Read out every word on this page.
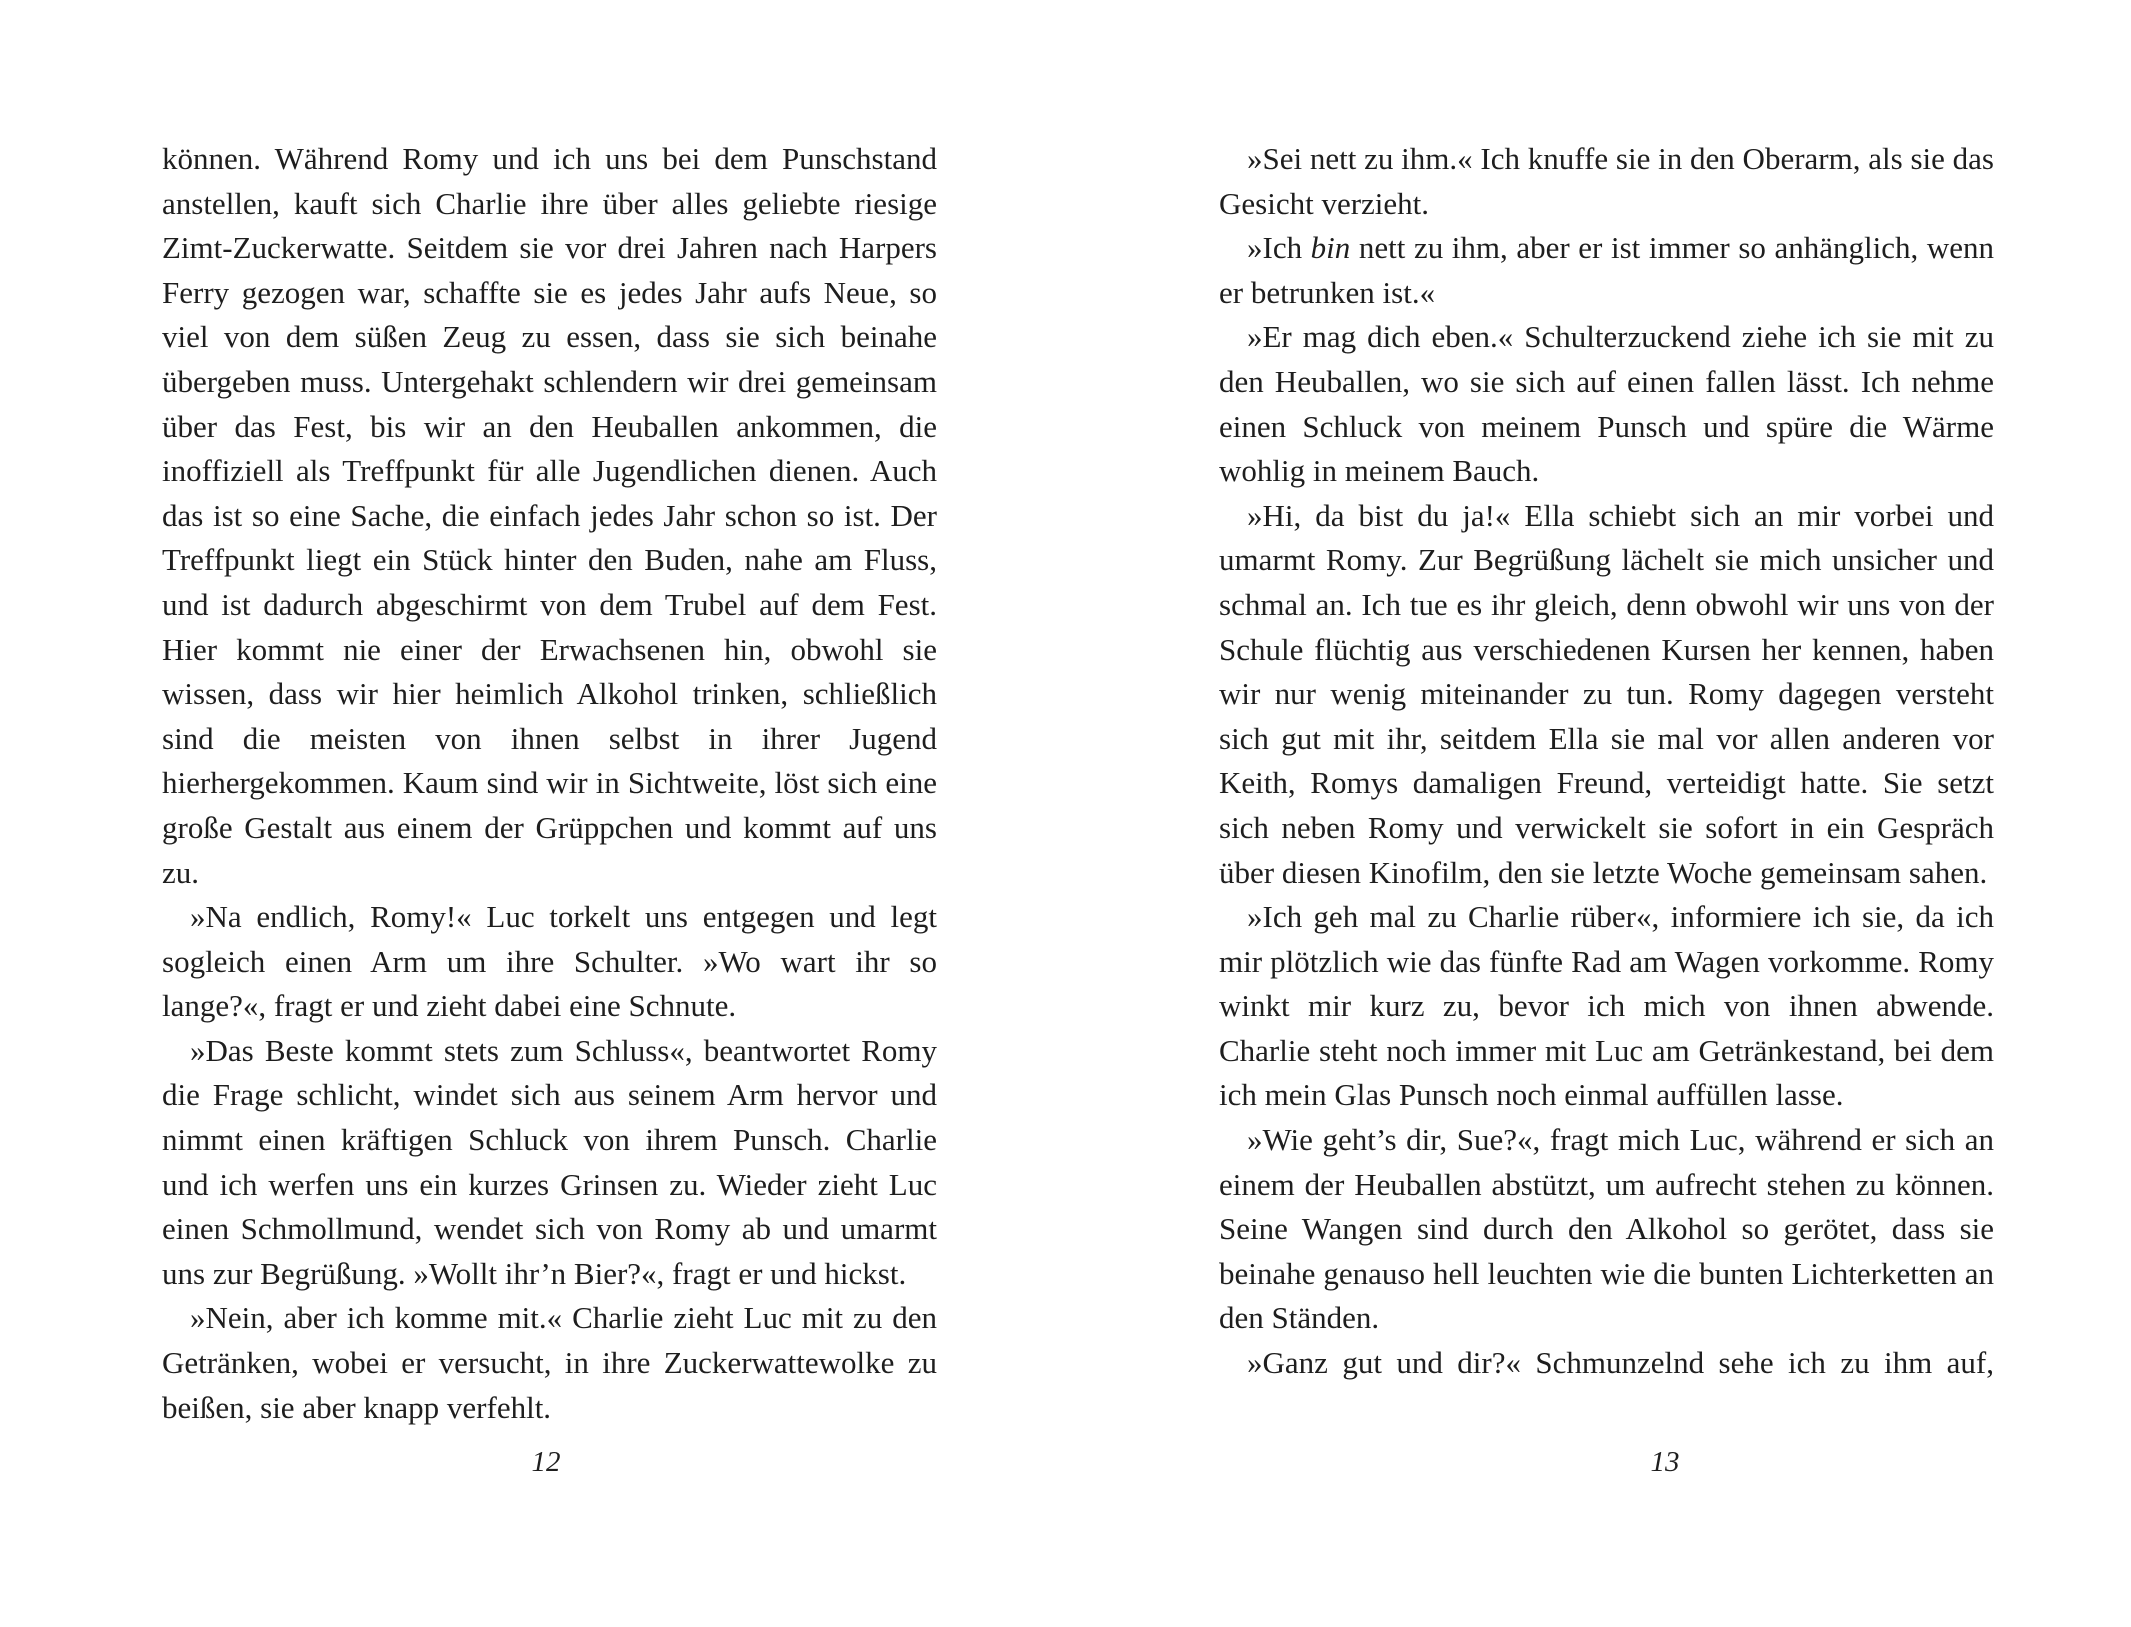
können. Während Romy und ich uns bei dem Punschstand anstellen, kauft sich Charlie ihre über alles geliebte riesige Zimt-Zuckerwatte. Seitdem sie vor drei Jahren nach Harpers Ferry gezogen war, schaffte sie es jedes Jahr aufs Neue, so viel von dem süßen Zeug zu essen, dass sie sich beinahe übergeben muss. Untergehakt schlendern wir drei gemeinsam über das Fest, bis wir an den Heuballen ankommen, die inoffiziell als Treffpunkt für alle Jugendlichen dienen. Auch das ist so eine Sache, die einfach jedes Jahr schon so ist. Der Treffpunkt liegt ein Stück hinter den Buden, nahe am Fluss, und ist dadurch abgeschirmt von dem Trubel auf dem Fest. Hier kommt nie einer der Erwachsenen hin, obwohl sie wissen, dass wir hier heimlich Alkohol trinken, schließlich sind die meisten von ihnen selbst in ihrer Jugend hierhergekommen. Kaum sind wir in Sichtweite, löst sich eine große Gestalt aus einem der Grüppchen und kommt auf uns zu.

»Na endlich, Romy!« Luc torkelt uns entgegen und legt sogleich einen Arm um ihre Schulter. »Wo wart ihr so lange?«, fragt er und zieht dabei eine Schnute.

»Das Beste kommt stets zum Schluss«, beantwortet Romy die Frage schlicht, windet sich aus seinem Arm hervor und nimmt einen kräftigen Schluck von ihrem Punsch. Charlie und ich werfen uns ein kurzes Grinsen zu. Wieder zieht Luc einen Schmollmund, wendet sich von Romy ab und umarmt uns zur Begrüßung. »Wollt ihr’n Bier?«, fragt er und hickst.

»Nein, aber ich komme mit.« Charlie zieht Luc mit zu den Getränken, wobei er versucht, in ihre Zuckerwattewolke zu beißen, sie aber knapp verfehlt.

12

»Sei nett zu ihm.« Ich knuffe sie in den Oberarm, als sie das Gesicht verzieht.

»Ich bin nett zu ihm, aber er ist immer so anhänglich, wenn er betrunken ist.«

»Er mag dich eben.« Schulterzuckend ziehe ich sie mit zu den Heuballen, wo sie sich auf einen fallen lässt. Ich nehme einen Schluck von meinem Punsch und spüre die Wärme wohlig in meinem Bauch.

»Hi, da bist du ja!« Ella schiebt sich an mir vorbei und umarmt Romy. Zur Begrüßung lächelt sie mich unsicher und schmal an. Ich tue es ihr gleich, denn obwohl wir uns von der Schule flüchtig aus verschiedenen Kursen her kennen, haben wir nur wenig miteinander zu tun. Romy dagegen versteht sich gut mit ihr, seitdem Ella sie mal vor allen anderen vor Keith, Romys damaligen Freund, verteidigt hatte. Sie setzt sich neben Romy und verwickelt sie sofort in ein Gespräch über diesen Kinofilm, den sie letzte Woche gemeinsam sahen.

»Ich geh mal zu Charlie rüber«, informiere ich sie, da ich mir plötzlich wie das fünfte Rad am Wagen vorkomme. Romy winkt mir kurz zu, bevor ich mich von ihnen abwende. Charlie steht noch immer mit Luc am Getränkestand, bei dem ich mein Glas Punsch noch einmal auffüllen lasse.

»Wie geht’s dir, Sue?«, fragt mich Luc, während er sich an einem der Heuballen abstützt, um aufrecht stehen zu können. Seine Wangen sind durch den Alkohol so gerötet, dass sie beinahe genauso hell leuchten wie die bunten Lichterketten an den Ständen.

»Ganz gut und dir?« Schmunzelnd sehe ich zu ihm auf,

13
